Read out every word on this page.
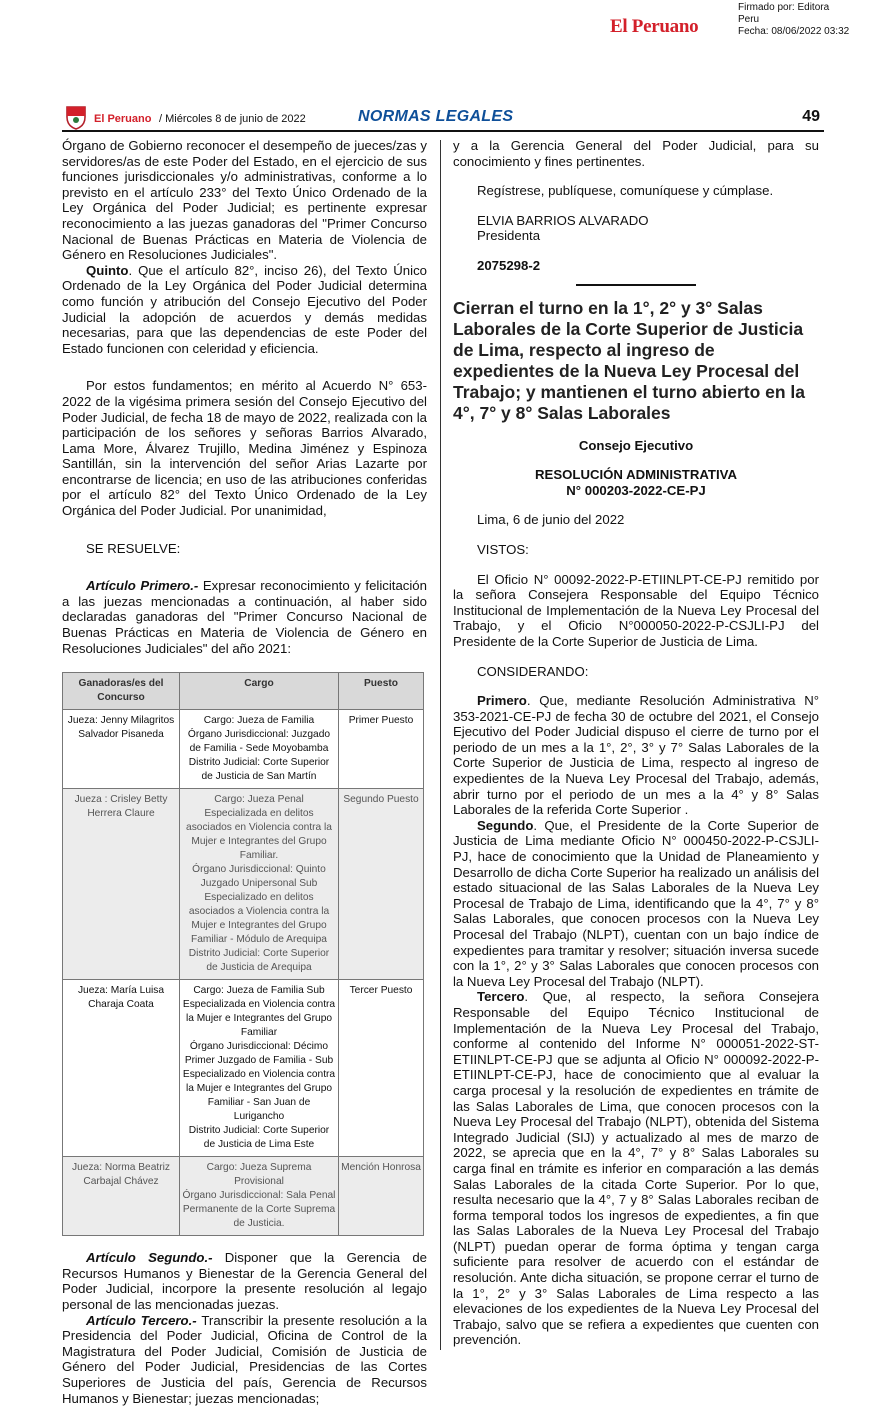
El Peruano
Firmado por: Editora
Peru
Fecha: 08/06/2022 03:32
El Peruano / Miércoles 8 de junio de 2022	NORMAS LEGALES	49

Órgano de Gobierno reconocer el desempeño de jueces/zas y servidores/as de este Poder del Estado, en el ejercicio de sus funciones jurisdiccionales y/o administrativas, conforme a lo previsto en el artículo 233° del Texto Único Ordenado de la Ley Orgánica del Poder Judicial; es pertinente expresar reconocimiento a las juezas ganadoras del "Primer Concurso Nacional de Buenas Prácticas en Materia de Violencia de Género en Resoluciones Judiciales".

Quinto. Que el artículo 82°, inciso 26), del Texto Único Ordenado de la Ley Orgánica del Poder Judicial determina como función y atribución del Consejo Ejecutivo del Poder Judicial la adopción de acuerdos y demás medidas necesarias, para que las dependencias de este Poder del Estado funcionen con celeridad y eficiencia.

Por estos fundamentos; en mérito al Acuerdo N° 653-2022 de la vigésima primera sesión del Consejo Ejecutivo del Poder Judicial, de fecha 18 de mayo de 2022, realizada con la participación de los señores y señoras Barrios Alvarado, Lama More, Álvarez Trujillo, Medina Jiménez y Espinoza Santillán, sin la intervención del señor Arias Lazarte por encontrarse de licencia; en uso de las atribuciones conferidas por el artículo 82° del Texto Único Ordenado de la Ley Orgánica del Poder Judicial. Por unanimidad,

SE RESUELVE:

Artículo Primero.- Expresar reconocimiento y felicitación a las juezas mencionadas a continuación, al haber sido declaradas ganadoras del "Primer Concurso Nacional de Buenas Prácticas en Materia de Violencia de Género en Resoluciones Judiciales" del año 2021:

Ganadoras/es del Concurso	Cargo	Puesto
Jueza: Jenny Milagritos Salvador Pisaneda	Cargo: Jueza de Familia
Órgano Jurisdiccional: Juzgado de Familia - Sede Moyobamba
Distrito Judicial: Corte Superior de Justicia de San Martín	Primer Puesto
Jueza : Crisley Betty Herrera Claure	Cargo: Jueza Penal Especializada en delitos asociados en Violencia contra la Mujer e Integrantes del Grupo Familiar.
Órgano Jurisdiccional: Quinto Juzgado Unipersonal Sub Especializado en delitos asociados a Violencia contra la Mujer e Integrantes del Grupo Familiar - Módulo de Arequipa
Distrito Judicial: Corte Superior de Justicia de Arequipa	Segundo Puesto
Jueza: María Luisa Charaja Coata	Cargo: Jueza de Familia Sub Especializada en Violencia contra la Mujer e Integrantes del Grupo Familiar
Órgano Jurisdiccional: Décimo Primer Juzgado de Familia - Sub Especializado en Violencia contra la Mujer e Integrantes del Grupo Familiar - San Juan de Lurigancho
Distrito Judicial: Corte Superior de Justicia de Lima Este	Tercer Puesto
Jueza: Norma Beatriz Carbajal Chávez	Cargo: Jueza Suprema Provisional
Órgano Jurisdiccional: Sala Penal Permanente de la Corte Suprema de Justicia.	Mención Honrosa

Artículo Segundo.- Disponer que la Gerencia de Recursos Humanos y Bienestar de la Gerencia General del Poder Judicial, incorpore la presente resolución al legajo personal de las mencionadas juezas.

Artículo Tercero.- Transcribir la presente resolución a la Presidencia del Poder Judicial, Oficina de Control de la Magistratura del Poder Judicial, Comisión de Justicia de Género del Poder Judicial, Presidencias de las Cortes Superiores de Justicia del país, Gerencia de Recursos Humanos y Bienestar; juezas mencionadas;

y a la Gerencia General del Poder Judicial, para su conocimiento y fines pertinentes.

Regístrese, publíquese, comuníquese y cúmplase.

ELVIA BARRIOS ALVARADO

Presidenta

2075298-2

Cierran el turno en la 1°, 2° y 3° Salas Laborales de la Corte Superior de Justicia de Lima, respecto al ingreso de expedientes de la Nueva Ley Procesal del Trabajo; y mantienen el turno abierto en la 4°, 7° y 8° Salas Laborales

Consejo Ejecutivo

RESOLUCIÓN ADMINISTRATIVA

N° 000203-2022-CE-PJ

Lima, 6 de junio del 2022

VISTOS:

El Oficio N° 00092-2022-P-ETIINLPT-CE-PJ remitido por la señora Consejera Responsable del Equipo Técnico Institucional de Implementación de la Nueva Ley Procesal del Trabajo, y el Oficio N°000050-2022-P-CSJLI-PJ del Presidente de la Corte Superior de Justicia de Lima.

CONSIDERANDO:

Primero. Que, mediante Resolución Administrativa N° 353-2021-CE-PJ de fecha 30 de octubre del 2021, el Consejo Ejecutivo del Poder Judicial dispuso el cierre de turno por el periodo de un mes a la 1°, 2°, 3° y 7° Salas Laborales de la Corte Superior de Justicia de Lima, respecto al ingreso de expedientes de la Nueva Ley Procesal del Trabajo, además, abrir turno por el periodo de un mes a la 4° y 8° Salas Laborales de la referida Corte Superior .

Segundo. Que, el Presidente de la Corte Superior de Justicia de Lima mediante Oficio N° 000450-2022-P-CSJLI-PJ, hace de conocimiento que la Unidad de Planeamiento y Desarrollo de dicha Corte Superior ha realizado un análisis del estado situacional de las Salas Laborales de la Nueva Ley Procesal de Trabajo de Lima, identificando que la 4°, 7° y 8° Salas Laborales, que conocen procesos con la Nueva Ley Procesal del Trabajo (NLPT), cuentan con un bajo índice de expedientes para tramitar y resolver; situación inversa sucede con la 1°, 2° y 3° Salas Laborales que conocen procesos con la Nueva Ley Procesal del Trabajo (NLPT).

Tercero. Que, al respecto, la señora Consejera Responsable del Equipo Técnico Institucional de Implementación de la Nueva Ley Procesal del Trabajo, conforme al contenido del Informe N° 000051-2022-ST-ETIINLPT-CE-PJ que se adjunta al Oficio N° 000092-2022-P-ETIINLPT-CE-PJ, hace de conocimiento que al evaluar la carga procesal y la resolución de expedientes en trámite de las Salas Laborales de Lima, que conocen procesos con la Nueva Ley Procesal del Trabajo (NLPT), obtenida del Sistema Integrado Judicial (SIJ) y actualizado al mes de marzo de 2022, se aprecia que en la 4°, 7° y 8° Salas Laborales su carga final en trámite es inferior en comparación a las demás Salas Laborales de la citada Corte Superior. Por lo que, resulta necesario que la 4°, 7 y 8° Salas Laborales reciban de forma temporal todos los ingresos de expedientes, a fin que las Salas Laborales de la Nueva Ley Procesal del Trabajo (NLPT) puedan operar de forma óptima y tengan carga suficiente para resolver de acuerdo con el estándar de resolución. Ante dicha situación, se propone cerrar el turno de la 1°, 2° y 3° Salas Laborales de Lima respecto a las elevaciones de los expedientes de la Nueva Ley Procesal del Trabajo, salvo que se refiera a expedientes que cuenten con prevención.
